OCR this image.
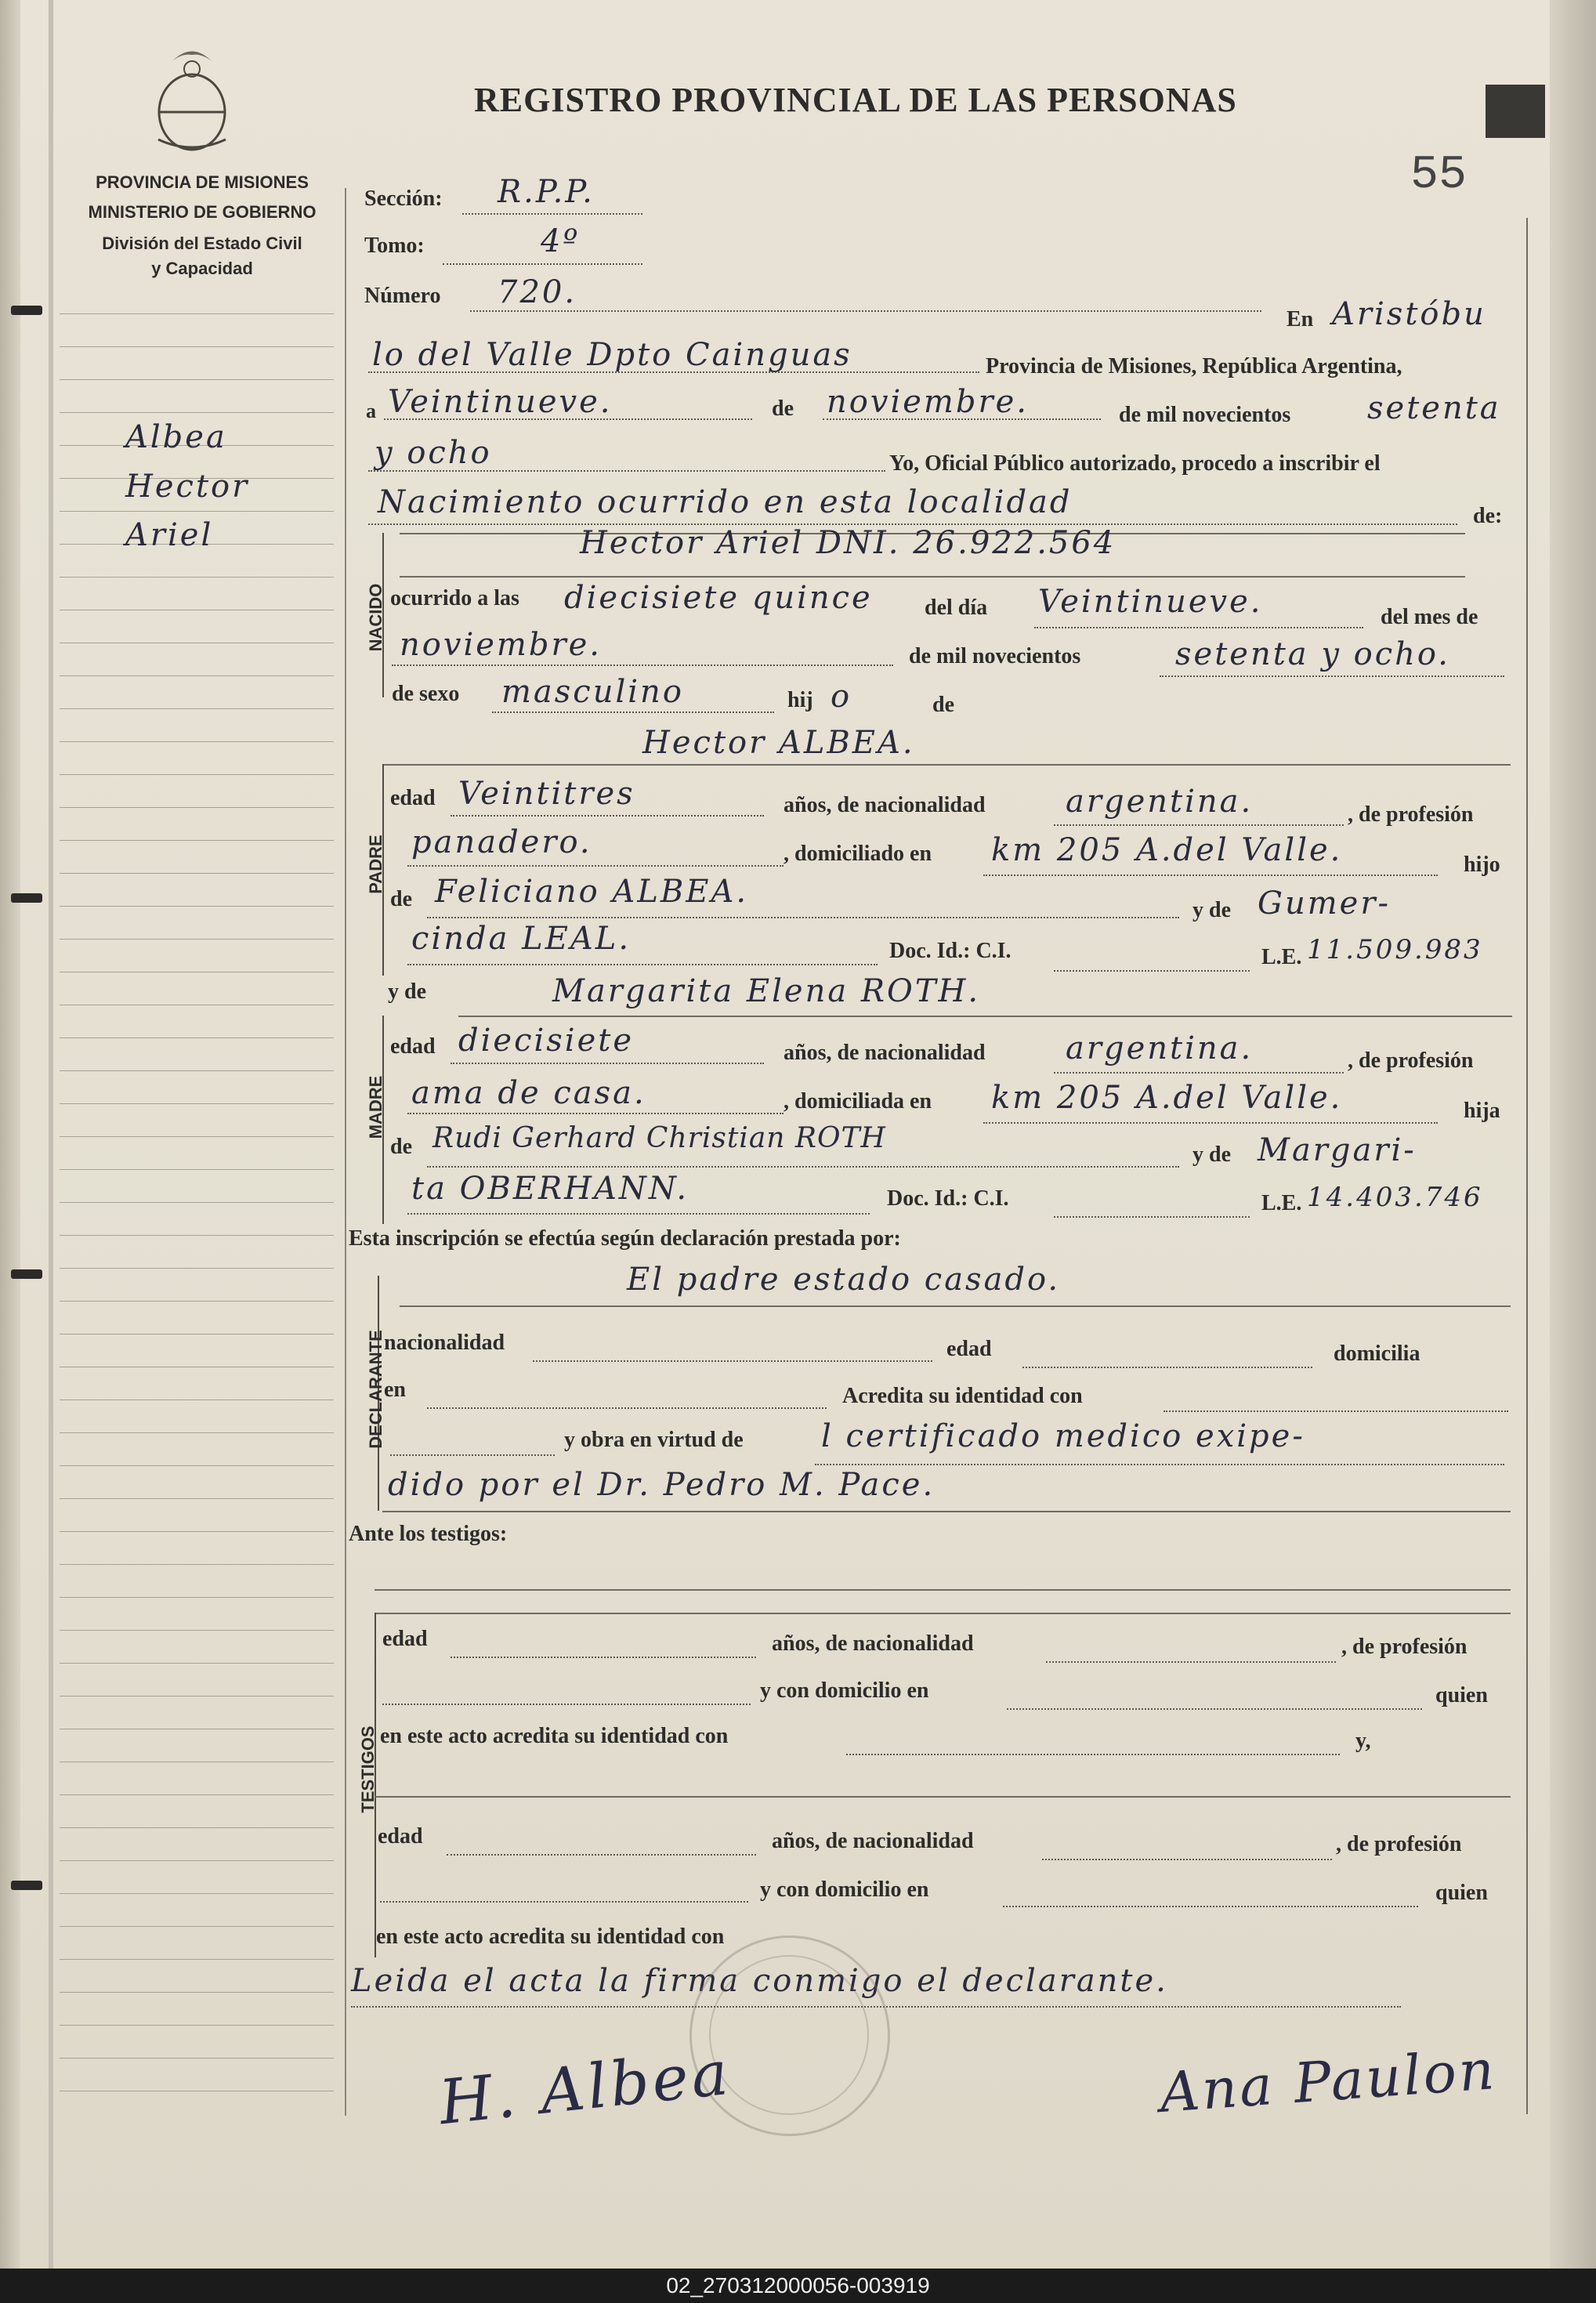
PROVINCIA DE MISIONES
MINISTERIO DE GOBIERNO
División del Estado Civil
y Capacidad
Albea
Hector
Ariel
REGISTRO PROVINCIAL DE LAS PERSONAS
55
Sección: R.P.P.
Tomo:	4º
Número 720.
En Aristóbu
lo del Valle Dpto Cainguas	Provincia de Misiones, República Argentina,
a Veintinueve.	de noviembre.	de mil novecientos setenta
y ocho	Yo, Oficial Público autorizado, procedo a inscribir el
Nacimiento ocurrido en esta localidad	de:
NACIDO
Hector Ariel DNI. 26.922.564
ocurrido a las diecisiete quince del día Veintinueve.	del mes de
noviembre.	de mil novecientos	setenta y ocho.
de sexo masculino	hij o	de
Hector ALBEA.
PADRE
edad Veintitres	años, de nacionalidad	argentina.	, de profesión
panadero.	, domiciliado en km 205 A.del Valle.	hijo
de Feliciano ALBEA.
y de Gumer-
cinda LEAL.	Doc. Id.: C.I.	L.E. 11.509.983
y de	Margarita Elena ROTH.
MADRE
edad diecisiete	años, de nacionalidad	argentina.	, de profesión
ama de casa.	, domiciliada en km 205 A.del Valle.	hija
de Rudi Gerhard Christian ROTH
y de Margari-
ta OBERHANN.	Doc. Id.: C.I.	L.E. 14.403.746
Esta inscripción se efectúa según declaración prestada por:
DECLARANTE
El padre estado casado.
nacionalidad	edad	domicilia
en	Acredita su identidad con
y obra en virtud de l certificado medico exipe-
dido por el Dr. Pedro M. Pace.
Ante los testigos:
TESTIGOS
edad	años, de nacionalidad	, de profesión
y con domicilio en	quien
en este acto acredita su identidad con	y,
edad	años, de nacionalidad	, de profesión
y con domicilio en	quien
en este acto acredita su identidad con
Leida el acta la firma conmigo el declarante.
H. Albea	Ana Paulon
02_270312000056-003919
